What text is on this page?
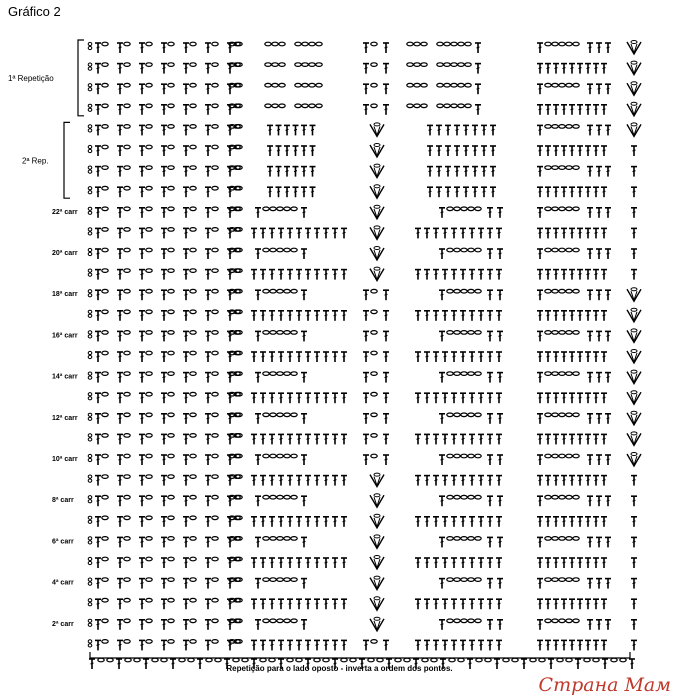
Gráfico 2
1ª Repetição
2ª Rep.
22ª carr
20ª carr
18ª carr
16ª carr
14ª carr
12ª carr
10ª carr
8ª carr
6ª carr
4ª carr
2ª carr
Repetição para o lado oposto - inverta a ordem dos pontos.
Страна Мам
